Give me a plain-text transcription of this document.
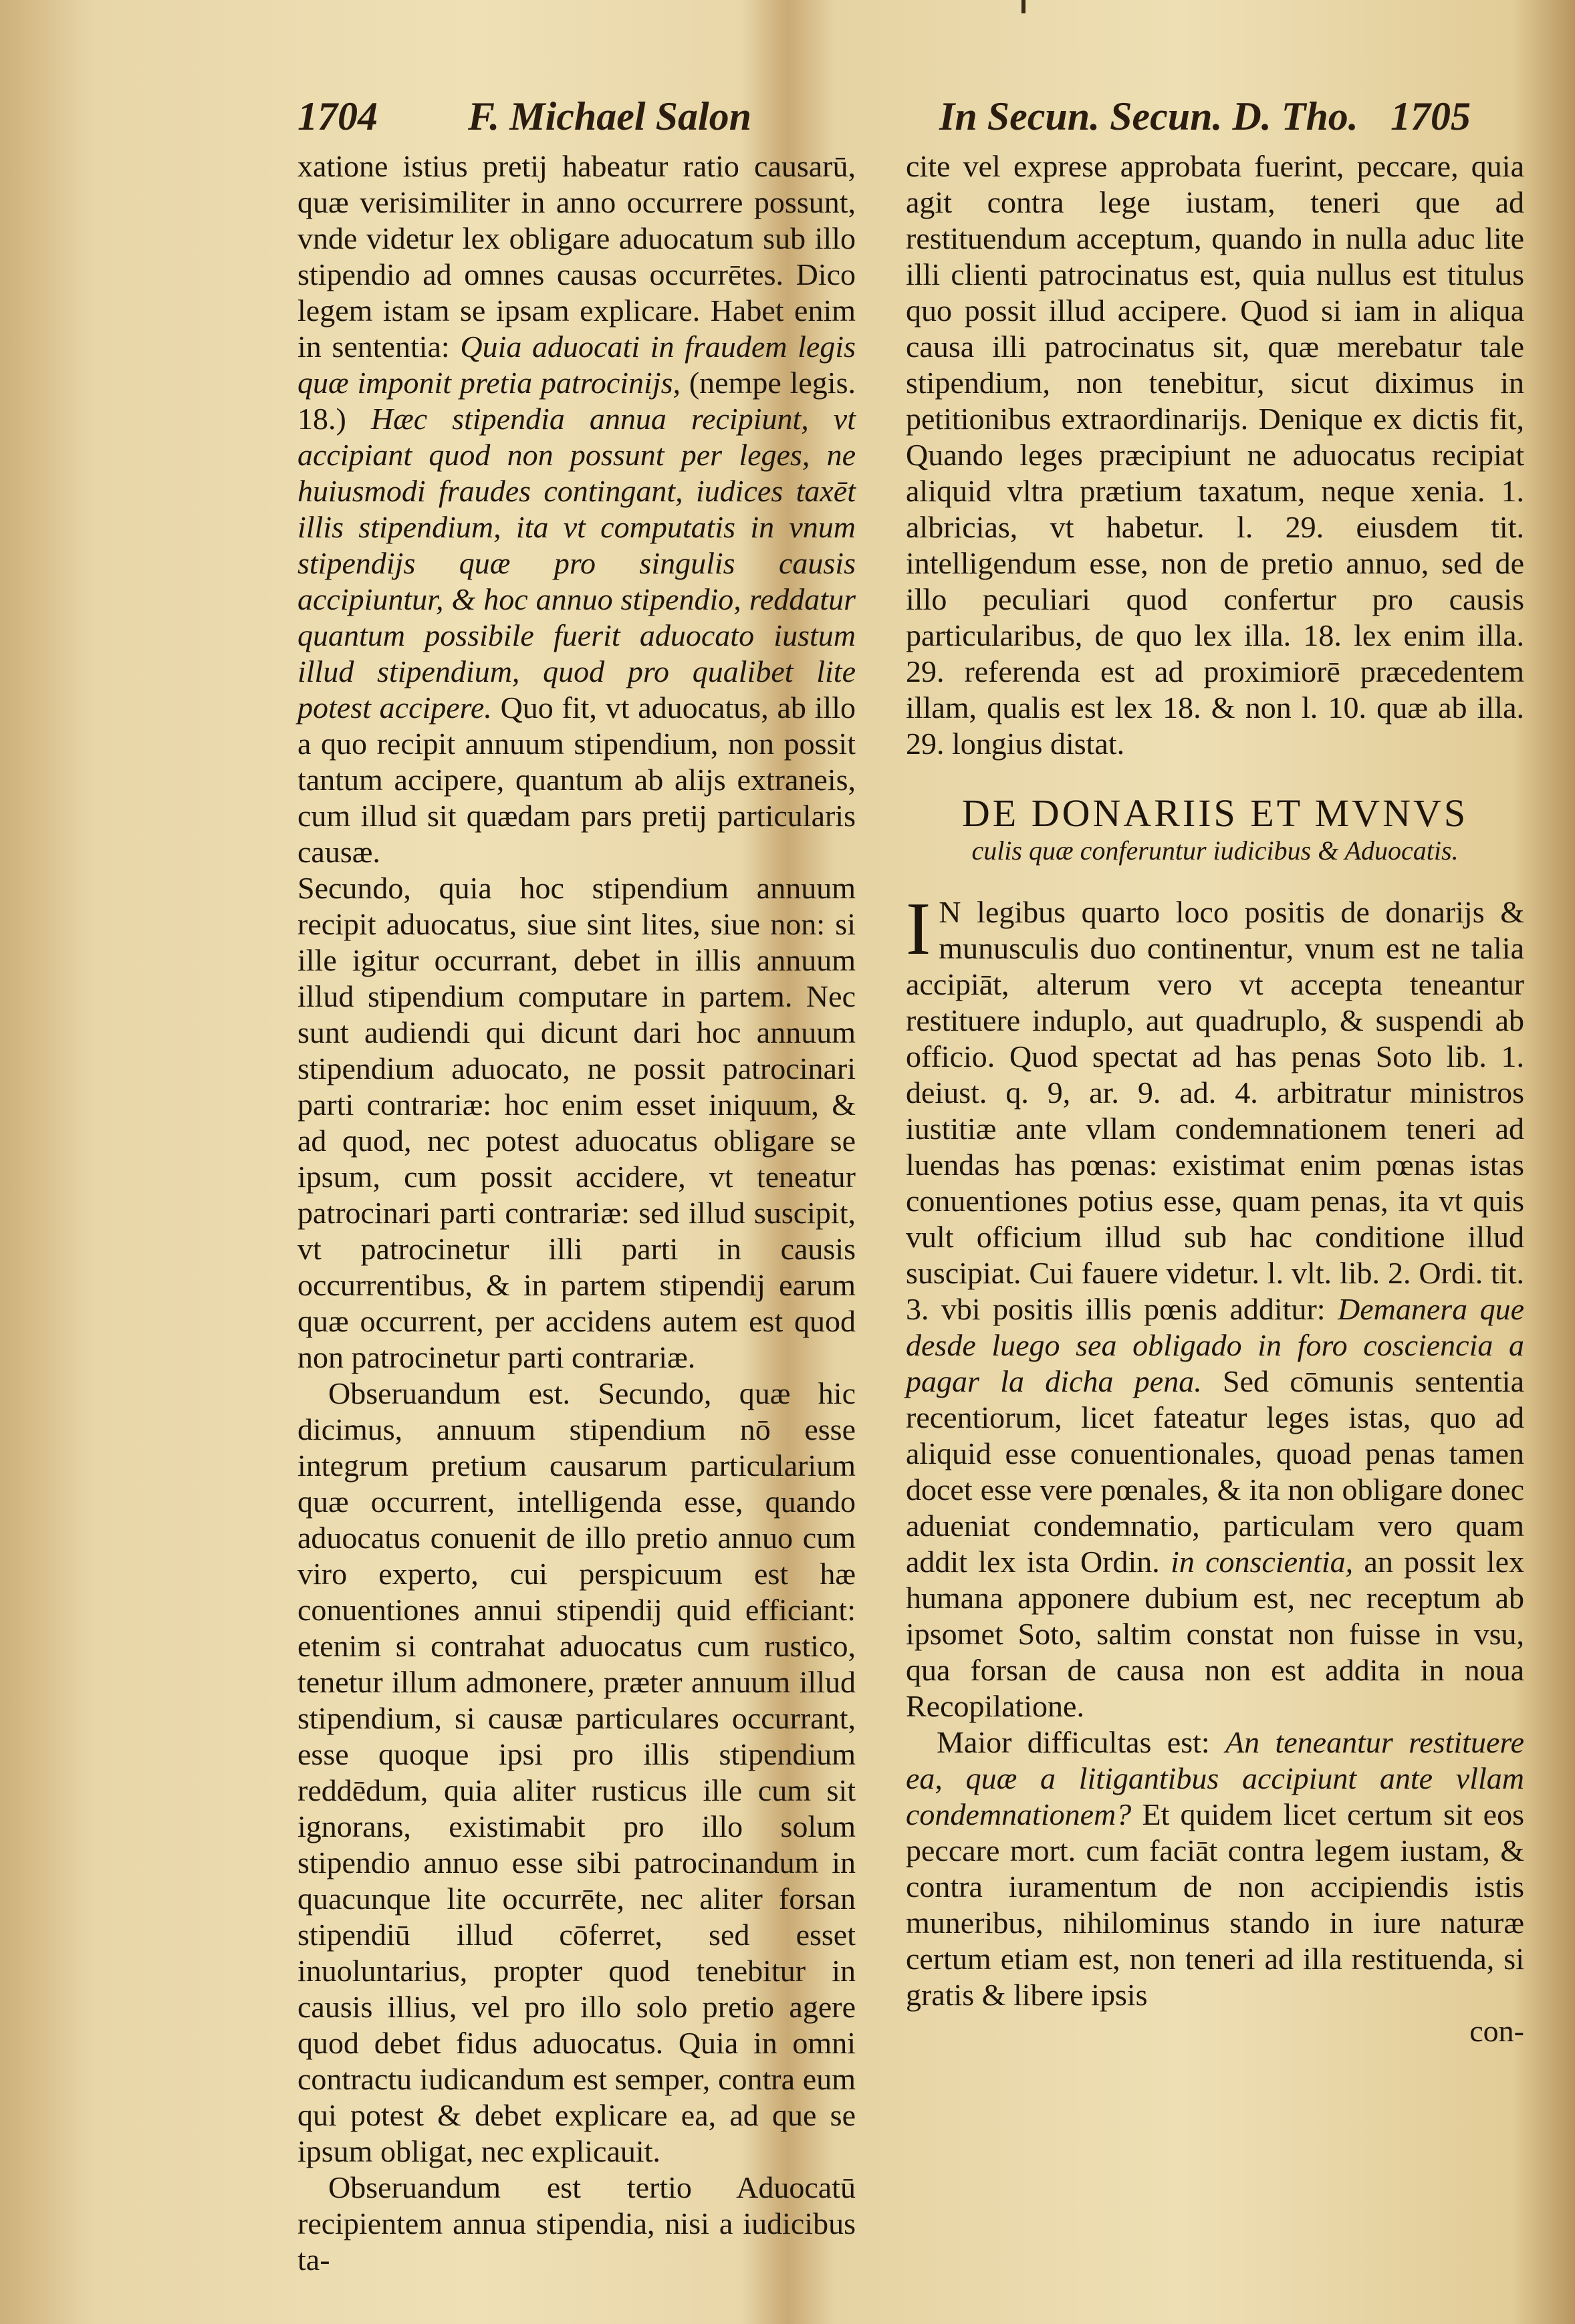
1704 F. Michael Salon

xatione istius pretij habeatur ratio causarū, quæ verisimiliter in anno occurrere possunt, vnde videtur lex obligare aduocatum sub illo stipendio ad omnes causas occurrētes. Dico legem istam se ipsam explicare. Habet enim in sententia: Quia aduocati in fraudem legis quæ imponit pretia patrocinijs, (nempe legis. 18.) Hæc stipendia annua recipiunt, vt accipiant quod non possunt per leges, ne huiusmodi fraudes contingant, iudices taxēt illis stipendium, ita vt computatis in vnum stipendijs quæ pro singulis causis accipiuntur, & hoc annuo stipendio, reddatur quantum possibile fuerit aduocato iustum illud stipendium, quod pro qualibet lite potest accipere. Quo fit, vt aduocatus, ab illo a quo recipit annuum stipendium, non possit tantum accipere, quantum ab alijs extraneis, cum illud sit quædam pars pretij particularis causæ.

Secundo, quia hoc stipendium annuum recipit aduocatus, siue sint lites, siue non: si ille igitur occurrant, debet in illis annuum illud stipendium computare in partem. Nec sunt audiendi qui dicunt dari hoc annuum stipendium aduocato, ne possit patrocinari parti contrariæ: hoc enim esset iniquum, & ad quod, nec potest aduocatus obligare se ipsum, cum possit accidere, vt teneatur patrocinari parti contrariæ: sed illud suscipit, vt patrocinetur illi parti in causis occurrentibus, & in partem stipendij earum quæ occurrent, per accidens autem est quod non patrocinetur parti contrariæ.

Obseruandum est. Secundo, quæ hic dicimus, annuum stipendium nō esse integrum pretium causarum particularium quæ occurrent, intelligenda esse, quando aduocatus conuenit de illo pretio annuo cum viro experto, cui perspicuum est hæ conuentiones annui stipendij quid efficiant: etenim si contrahat aduocatus cum rustico, tenetur illum admonere, præter annuum illud stipendium, si causæ particulares occurrant, esse quoque ipsi pro illis stipendium reddēdum, quia aliter rusticus ille cum sit ignorans, existimabit pro illo solum stipendio annuo esse sibi patrocinandum in quacunque lite occurrēte, nec aliter forsan stipendiū illud cōferret, sed esset inuoluntarius, propter quod tenebitur in causis illius, vel pro illo solo pretio agere quod debet fidus aduocatus. Quia in omni contractu iudicandum est semper, contra eum qui potest & debet explicare ea, ad que se ipsum obligat, nec explicauit.

Obseruandum est tertio Aduocatū recipientem annua stipendia, nisi a iudicibus ta-

In Secun. Secun. D. Tho. 1705

cite vel exprese approbata fuerint, peccare, quia agit contra lege iustam, teneri que ad restituendum acceptum, quando in nulla aduc lite illi clienti patrocinatus est, quia nullus est titulus quo possit illud accipere. Quod si iam in aliqua causa illi patrocinatus sit, quæ merebatur tale stipendium, non tenebitur, sicut diximus in petitionibus extraordinarijs. Denique ex dictis fit, Quando leges præcipiunt ne aduocatus recipiat aliquid vltra prætium taxatum, neque xenia. 1. albricias, vt habetur. l. 29. eiusdem tit. intelligendum esse, non de pretio annuo, sed de illo peculiari quod confertur pro causis particularibus, de quo lex illa. 18. lex enim illa. 29. referenda est ad proximiorē præcedentem illam, qualis est lex 18. & non l. 10. quæ ab illa. 29. longius distat.

DE DONARIIS ET MVNVS
culis quæ conferuntur iudicibus & Aduocatis.

I N legibus quarto loco positis de donarijs & munusculis duo continentur, vnum est ne talia accipiāt, alterum vero vt accepta teneantur restituere induplo, aut quadruplo, & suspendi ab officio. Quod spectat ad has penas Soto lib. 1. deiust. q. 9, ar. 9. ad. 4. arbitratur ministros iustitiæ ante vllam condemnationem teneri ad luendas has pœnas: existimat enim pœnas istas conuentiones potius esse, quam penas, ita vt quis vult officium illud sub hac conditione illud suscipiat. Cui fauere videtur. l. vlt. lib. 2. Ordi. tit. 3. vbi positis illis pœnis additur: Demanera que desde luego sea obligado in foro cosciencia a pagar la dicha pena. Sed cōmunis sententia recentiorum, licet fateatur leges istas, quo ad aliquid esse conuentionales, quoad penas tamen docet esse vere pœnales, & ita non obligare donec adueniat condemnatio, particulam vero quam addit lex ista Ordin. in conscientia, an possit lex humana apponere dubium est, nec receptum ab ipsomet Soto, saltim constat non fuisse in vsu, qua forsan de causa non est addita in noua Recopilatione.

Maior difficultas est: An teneantur restituere ea, quæ a litigantibus accipiunt ante vllam condemnationem? Et quidem licet certum sit eos peccare mort. cum faciāt contra legem iustam, & contra iuramentum de non accipiendis istis muneribus, nihilominus stando in iure naturæ certum etiam est, non teneri ad illa restituenda, si gratis & libere ipsis

con-
